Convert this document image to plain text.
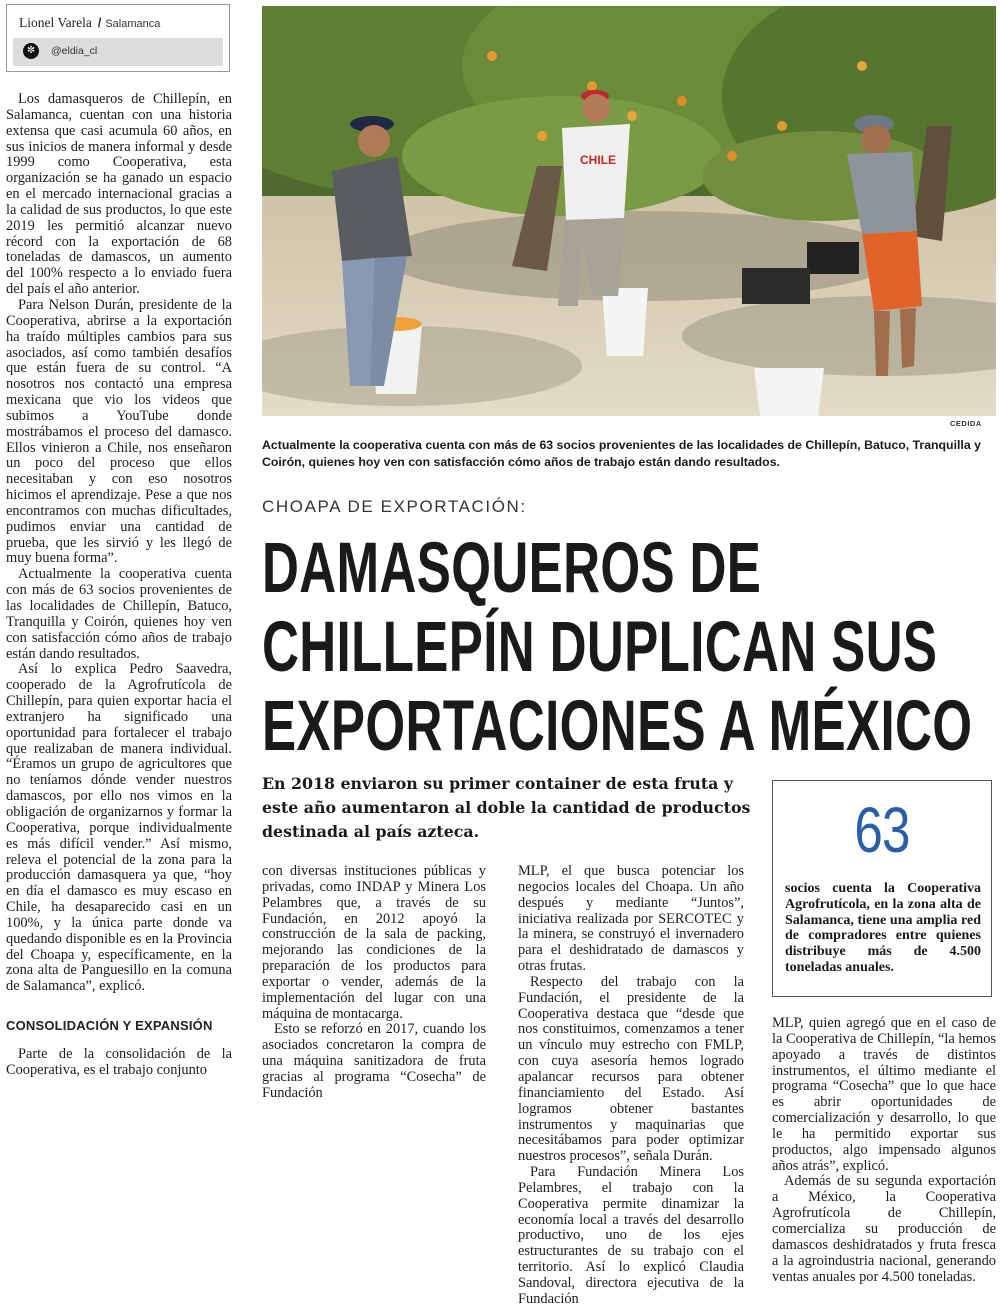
Lionel Varela / Salamanca
✼	@eldia_cl

Los damasqueros de Chillepín, en Salamanca, cuentan con una historia extensa que casi acumula 60 años, en sus inicios de manera informal y desde 1999 como Cooperativa, esta organización se ha ganado un espacio en el mercado internacional gracias a la calidad de sus productos, lo que este 2019 les permitió alcanzar nuevo récord con la exportación de 68 toneladas de damascos, un aumento del 100% respecto a lo enviado fuera del país el año anterior.

Para Nelson Durán, presidente de la Cooperativa, abrirse a la exportación ha traído múltiples cambios para sus asociados, así como también desafíos que están fuera de su control. “A nosotros nos contactó una empresa mexicana que vio los videos que subimos a YouTube donde mostrábamos el proceso del damasco. Ellos vinieron a Chile, nos enseñaron un poco del proceso que ellos necesitaban y con eso nosotros hicimos el aprendizaje. Pese a que nos encontramos con muchas dificultades, pudimos enviar una cantidad de prueba, que les sirvió y les llegó de muy buena forma”.

Actualmente la cooperativa cuenta con más de 63 socios provenientes de las localidades de Chillepín, Batuco, Tranquilla y Coirón, quienes hoy ven con satisfacción cómo años de trabajo están dando resultados.

Así lo explica Pedro Saavedra, cooperado de la Agrofrutícola de Chillepín, para quien exportar hacia el extranjero ha significado una oportunidad para fortalecer el trabajo que realizaban de manera individual. “Éramos un grupo de agricultores que no teníamos dónde vender nuestros damascos, por ello nos vimos en la obligación de organizarnos y formar la Cooperativa, porque individualmente es más difícil vender.” Así mismo, releva el potencial de la zona para la producción damasquera ya que, “hoy en día el damasco es muy escaso en Chile, ha desaparecido casi en un 100%, y la única parte donde va quedando disponible es en la Provincia del Choapa y, específicamente, en la zona alta de Panguesillo en la comuna de Salamanca”, explicó.

CONSOLIDACIÓN Y EXPANSIÓN

Parte de la consolidación de la Cooperativa, es el trabajo conjunto

CHILE
CEDIDA
Actualmente la cooperativa cuenta con más de 63 socios provenientes de las localidades de Chillepín, Batuco, Tranquilla y Coirón, quienes hoy ven con satisfacción cómo años de trabajo están dando resultados.
CHOAPA DE EXPORTACIÓN:
DAMASQUEROS DE
CHILLEPÍN DUPLICAN SUS
EXPORTACIONES A MÉXICO
En 2018 enviaron su primer container de esta fruta y este año aumentaron al doble la cantidad de productos destinada al país azteca.	63
socios cuenta la Cooperativa Agrofrutícola, en la zona alta de Salamanca, tiene una amplia red de compradores entre quienes distribuye más de 4.500 toneladas anuales.

con diversas instituciones públicas y privadas, como INDAP y Minera Los Pelambres que, a través de su Fundación, en 2012 apoyó la construcción de la sala de packing, mejorando las condiciones de la preparación de los productos para exportar o vender, además de la implementación del lugar con una máquina de montacarga.

Esto se reforzó en 2017, cuando los asociados concretaron la compra de una máquina sanitizadora de fruta gracias al programa “Cosecha” de Fundación

MLP, el que busca potenciar los negocios locales del Choapa. Un año después y mediante “Juntos”, iniciativa realizada por SERCOTEC y la minera, se construyó el invernadero para el deshidratado de damascos y otras frutas.

Respecto del trabajo con la Fundación, el presidente de la Cooperativa destaca que “desde que nos constituimos, comenzamos a tener un vínculo muy estrecho con FMLP, con cuya asesoría hemos logrado apalancar recursos para obtener financiamiento del Estado. Así logramos obtener bastantes instrumentos y maquinarias que necesitábamos para poder optimizar nuestros procesos”, señala Durán.

Para Fundación Minera Los Pelambres, el trabajo con la Cooperativa permite dinamizar la economía local a través del desarrollo productivo, uno de los ejes estructurantes de su trabajo con el territorio. Así lo explicó Claudia Sandoval, directora ejecutiva de la Fundación

MLP, quien agregó que en el caso de la Cooperativa de Chillepín, “la hemos apoyado a través de distintos instrumentos, el último mediante el programa “Cosecha” que lo que hace es abrir oportunidades de comercialización y desarrollo, lo que le ha permitido exportar sus productos, algo impensado algunos años atrás”, explicó.

Además de su segunda exportación a México, la Cooperativa Agrofrutícola de Chillepín, comercializa su producción de damascos deshidratados y fruta fresca a la agroindustria nacional, generando ventas anuales por 4.500 toneladas.
